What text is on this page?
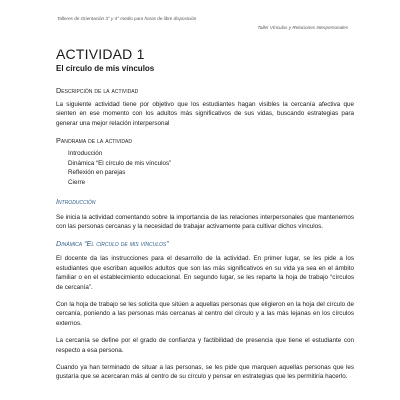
Talleres de Orientación 3° y 4° medio para horas de libre disposición
Taller Vínculos y Relaciones Interpersonales
ACTIVIDAD 1
El círculo de mis vínculos
Descripción de la actividad

La siguiente actividad tiene por objetivo que los estudiantes hagan visibles la cercanía afectiva que sienten en ese momento con los adultos más significativos de sus vidas, buscando estrategias para generar una mejor relación interpersonal

Panorama de la actividad
Introducción
Dinámica “El círculo de mis vínculos”
Reflexión en parejas
Cierre
Introducción

Se inicia la actividad comentando sobre la importancia de las relaciones interpersonales que mantenemos con las personas cercanas y la necesidad de trabajar activamente para cultivar dichos vínculos.

Dinámica “El círculo de mis vínculos”

El docente da las instrucciones para el desarrollo de la actividad. En primer lugar, se les pide a los estudiantes que escriban aquellos adultos que son las más significativos en su vida ya sea en el ámbito familiar o en el establecimiento educacional. En segundo lugar, se les reparte la hoja de trabajo “círculos de cercanía”.

Con la hoja de trabajo se les solicita que sitúen a aquellas personas que eligieron en la hoja del círculo de cercanía, poniendo a las personas más cercanas al centro del círculo y a las más lejanas en los círculos externos.

La cercanía se define por el grado de confianza y factibilidad de presencia que tiene el estudiante con respecto a esa persona.

Cuando ya han terminado de situar a las personas, se les pide que marquen aquellas personas que les gustaría que se acercaran más al centro de su círculo y pensar en estrategias que les permitiría hacerlo.
